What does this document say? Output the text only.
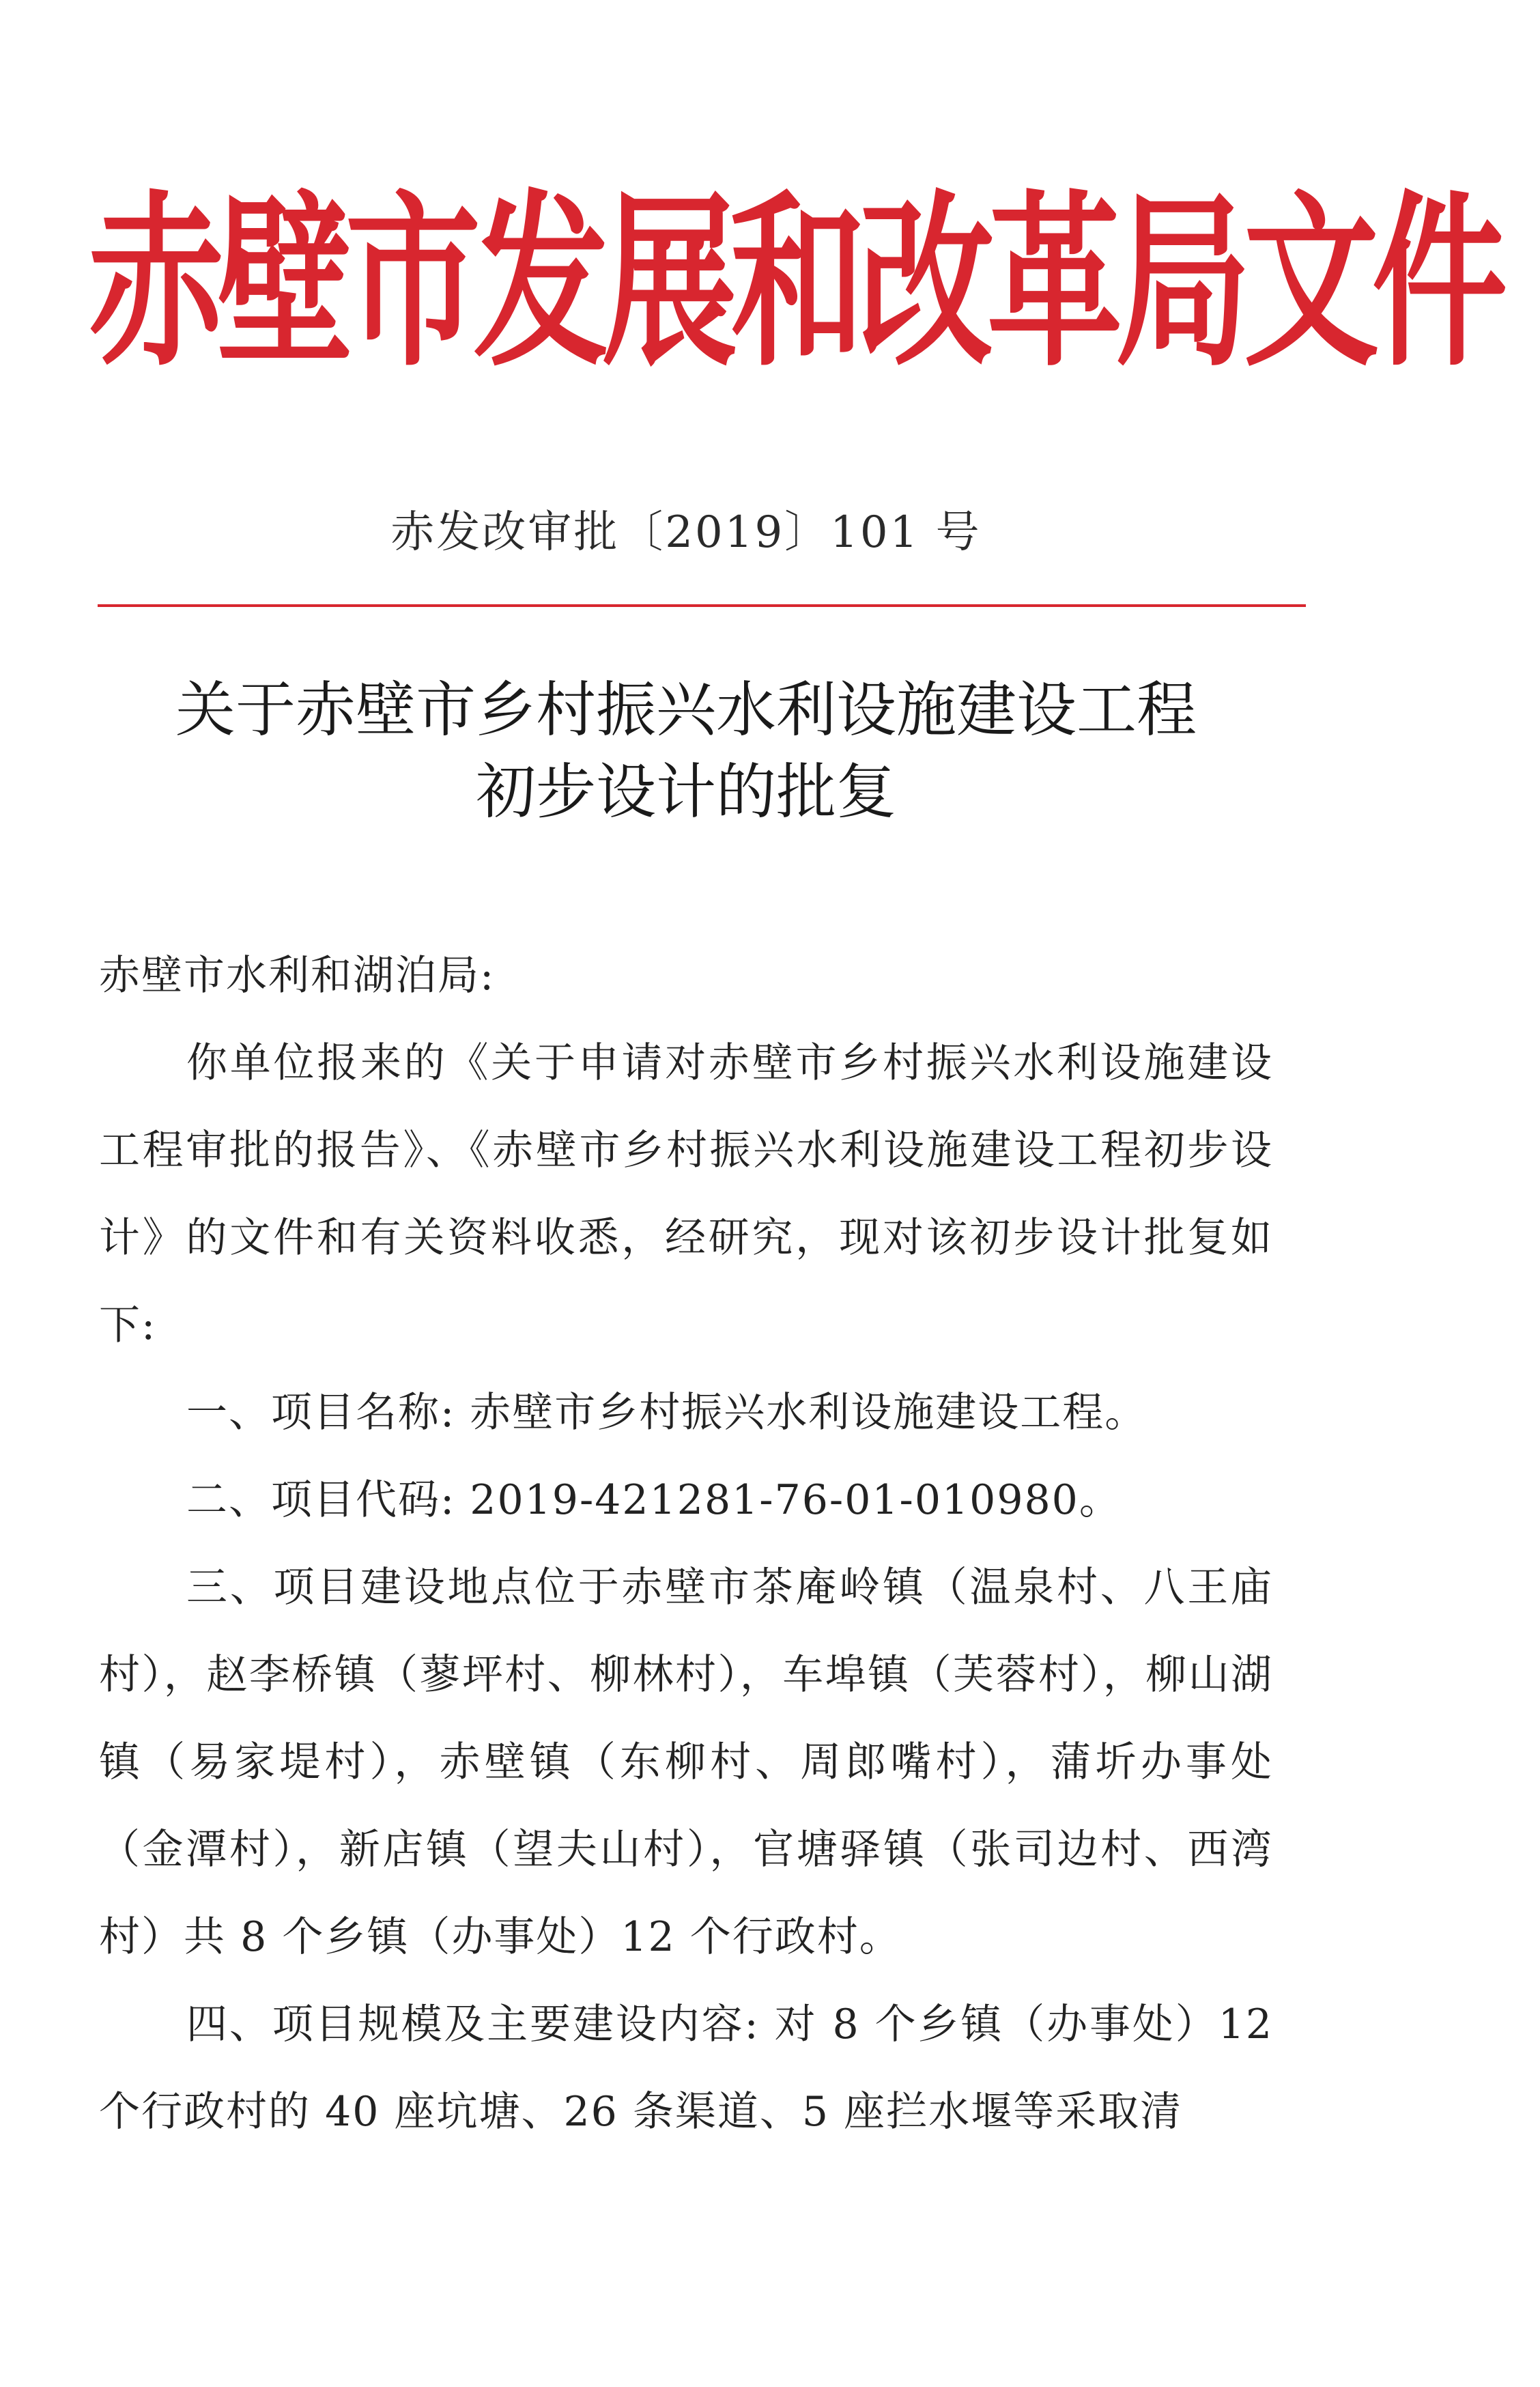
赤壁市发展和改革局文件
赤发改审批〔2019〕101 号
关于赤壁市乡村振兴水利设施建设工程
初步设计的批复

赤壁市水利和湖泊局:

你单位报来的《关于申请对赤壁市乡村振兴水利设施建设工程审批的报告》、《赤壁市乡村振兴水利设施建设工程初步设计》的文件和有关资料收悉，经研究，现对该初步设计批复如下:

一、项目名称: 赤壁市乡村振兴水利设施建设工程。

二、项目代码: 2019-421281-76-01-010980。

三、项目建设地点位于赤壁市茶庵岭镇（温泉村、八王庙村），赵李桥镇（蓼坪村、柳林村），车埠镇（芙蓉村），柳山湖镇（易家堤村），赤壁镇（东柳村、周郎嘴村），蒲圻办事处（金潭村），新店镇（望夫山村），官塘驿镇（张司边村、西湾村）共 8 个乡镇（办事处）12 个行政村。

四、项目规模及主要建设内容: 对 8 个乡镇（办事处）12 个行政村的 40 座坑塘、26 条渠道、5 座拦水堰等采取清
